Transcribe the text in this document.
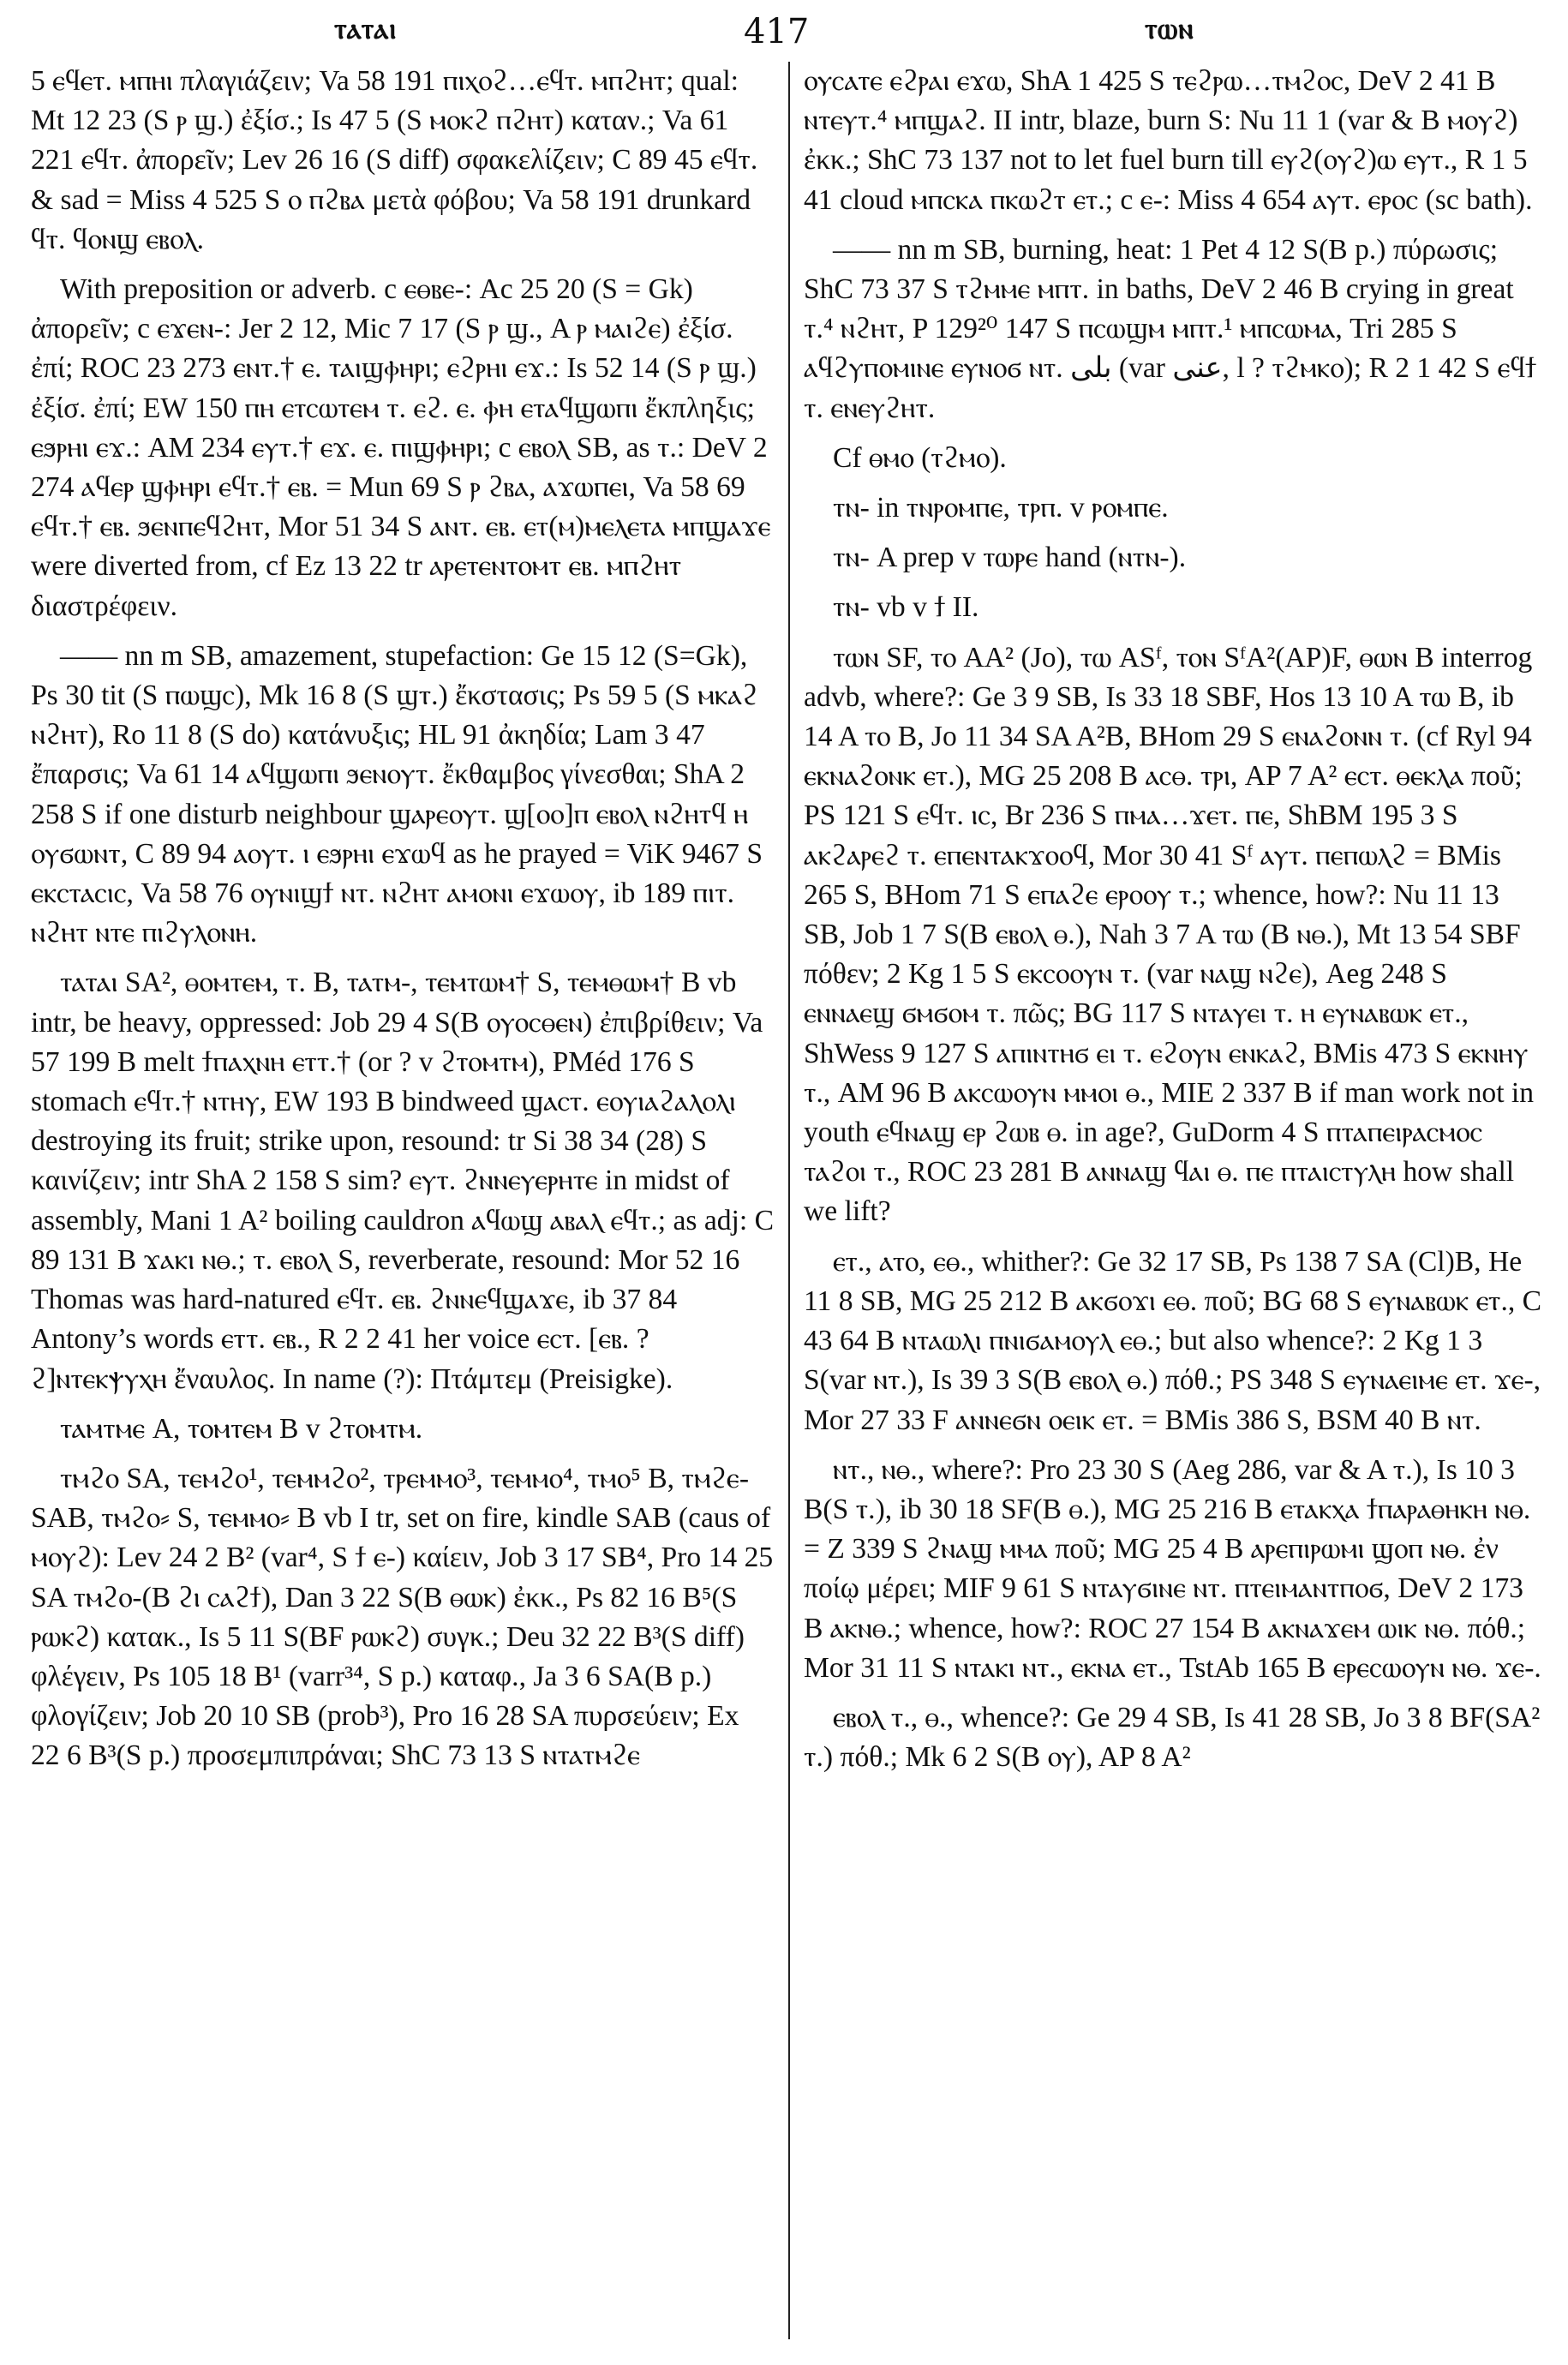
ⲧⲁⲧⲁⲓ	417	ⲧⲱⲛ

5 ⲉϥⲉⲧ. ⲙⲡⲏⲓ πλαγιάζειν; Va 58 191 ⲡⲓⲭⲟϩ…ⲉϥⲧ. ⲙⲡϩⲏⲧ; qual: Mt 12 23 (S ⲣ ϣ.) ἐξίσ.; Is 47 5 (S ⲙⲟⲕϩ ⲡϩⲏⲧ) καταν.; Va 61 221 ⲉϥⲧ. ἀπορεῖν; Lev 26 16 (S diff) σφακελίζειν; C 89 45 ⲉϥⲧ. & sad = Miss 4 525 S ⲟ ⲡϩⲃⲁ μετὰ φόβου; Va 58 191 drunkard ϥⲧ. ϥⲟⲛϣ ⲉⲃⲟⲗ.

With preposition or adverb. c ⲉⲑⲃⲉ-: Ac 25 20 (S = Gk) ἀπορεῖν; c ⲉϫⲉⲛ-: Jer 2 12, Mic 7 17 (S ⲣ ϣ., A ⲣ ⲙⲁⲓϩⲉ) ἐξίσ. ἐπί; ROC 23 273 ⲉⲛⲧ.† ⲉ. ⲧⲁⲓϣⲫⲏⲣⲓ; ⲉϩⲣⲏⲓ ⲉϫ.: Is 52 14 (S ⲣ ϣ.) ἐξίσ. ἐπί; EW 150 ⲡⲏ ⲉⲧⲥⲱⲧⲉⲙ ⲧ. ⲉϩ. ⲉ. ⲫⲏ ⲉⲧⲁϥϣⲱⲡⲓ ἔκπληξις; ⲉϧⲣⲏⲓ ⲉϫ.: AM 234 ⲉⲩⲧ.† ⲉϫ. ⲉ. ⲡⲓϣⲫⲏⲣⲓ; c ⲉⲃⲟⲗ SB, as ⲧ.: DeV 2 274 ⲁϥⲉⲣ ϣⲫⲏⲣⲓ ⲉϥⲧ.† ⲉⲃ. = Mun 69 S ⲣ ϩⲃⲁ, ⲁϫⲱⲡⲉⲓ, Va 58 69 ⲉϥⲧ.† ⲉⲃ. ϧⲉⲛⲡⲉϥϩⲏⲧ, Mor 51 34 S ⲁⲛⲧ. ⲉⲃ. ⲉⲧ(ⲙ)ⲙⲉⲗⲉⲧⲁ ⲙⲡϣⲁϫⲉ were diverted from, cf Ez 13 22 tr ⲁⲣⲉⲧⲉⲛⲧⲟⲙⲧ ⲉⲃ. ⲙⲡϩⲏⲧ διαστρέφειν.

—— nn m SB, amazement, stupefaction: Ge 15 12 (S=Gk), Ps 30 tit (S ⲡⲱϣⲥ), Mk 16 8 (S ϣⲧ.) ἔκστασις; Ps 59 5 (S ⲙⲕⲁϩ ⲛϩⲏⲧ), Ro 11 8 (S do) κατάνυξις; HL 91 ἀκηδία; Lam 3 47 ἔπαρσις; Va 61 14 ⲁϥϣⲱⲡⲓ ϧⲉⲛⲟⲩⲧ. ἔκθαμβος γίνεσθαι; ShA 2 258 S if one disturb neighbour ϣⲁⲣⲉⲟⲩⲧ. ϣ[ⲟⲟ]ⲡ ⲉⲃⲟⲗ ⲛϩⲏⲧϥ ⲏ ⲟⲩϭⲱⲛⲧ, C 89 94 ⲁⲟⲩⲧ. ⲓ ⲉϧⲣⲏⲓ ⲉϫⲱϥ as he prayed = ViK 9467 S ⲉⲕⲥⲧⲁⲥⲓⲥ, Va 58 76 ⲟⲩⲛⲓϣϯ ⲛⲧ. ⲛϩⲏⲧ ⲁⲙⲟⲛⲓ ⲉϫⲱⲟⲩ, ib 189 ⲡⲓⲧ. ⲛϩⲏⲧ ⲛⲧⲉ ⲡⲓϩⲩⲗⲟⲛⲏ.

ⲧⲁⲧⲁⲓ SA², ⲑⲟⲙⲧⲉⲙ, ⲧ. B, ⲧⲁⲧⲙ-, ⲧⲉⲙⲧⲱⲙ† S, ⲧⲉⲙⲑⲱⲙ† B vb intr, be heavy, oppressed: Job 29 4 S(B ⲟⲩⲟⲥⲑⲉⲛ) ἐπιβρίθειν; Va 57 199 B melt ϯⲡⲁⲭⲛⲏ ⲉⲧⲧ.† (or ? v ϩⲧⲟⲙⲧⲙ), PMéd 176 S stomach ⲉϥⲧ.† ⲛⲧⲏⲩ, EW 193 B bindweed ϣⲁⲥⲧ. ⲉⲟⲩⲓⲁϩⲁⲗⲟⲗⲓ destroying its fruit; strike upon, resound: tr Si 38 34 (28) S καινίζειν; intr ShA 2 158 S sim? ⲉⲩⲧ. ϩⲛⲛⲉⲩⲉⲣⲏⲧⲉ in midst of assembly, Mani 1 A² boiling cauldron ⲁϥⲱϣ ⲁⲃⲁⲗ ⲉϥⲧ.; as adj: C 89 131 B ϫⲁⲕⲓ ⲛⲑ.; ⲧ. ⲉⲃⲟⲗ S, reverberate, resound: Mor 52 16 Thomas was hard-natured ⲉϥⲧ. ⲉⲃ. ϩⲛⲛⲉϥϣⲁϫⲉ, ib 37 84 Antony’s words ⲉⲧⲧ. ⲉⲃ., R 2 2 41 her voice ⲉⲥⲧ. [ⲉⲃ. ? ϩ]ⲛⲧⲉⲕⲯⲩⲭⲏ ἔναυλος. In name (?): Πτάμτεμ (Preisigke).

ⲧⲁⲙⲧⲙⲉ A, ⲧⲟⲙⲧⲉⲙ B v ϩⲧⲟⲙⲧⲙ.

ⲧⲙϩⲟ SA, ⲧⲉⲙϩⲟ¹, ⲧⲉⲙⲙϩⲟ², ⲧⲣⲉⲙⲙⲟ³, ⲧⲉⲙⲙⲟ⁴, ⲧⲙⲟ⁵ B, ⲧⲙϩⲉ- SAB, ⲧⲙϩⲟ⸗ S, ⲧⲉⲙⲙⲟ⸗ B vb I tr, set on fire, kindle SAB (caus of ⲙⲟⲩϩ): Lev 24 2 B² (var⁴, S ϯ ⲉ-) καίειν, Job 3 17 SB⁴, Pro 14 25 SA ⲧⲙϩⲟ-(B ϩⲓ ⲥⲁϩϯ), Dan 3 22 S(B ⲑⲱⲕ) ἐκκ., Ps 82 16 B⁵(S ⲣⲱⲕϩ) κατακ., Is 5 11 S(BF ⲣⲱⲕϩ) συγκ.; Deu 32 22 B³(S diff) φλέγειν, Ps 105 18 B¹ (varr³⁴, S p.) καταφ., Ja 3 6 SA(B p.) φλογίζειν; Job 20 10 SB (prob³), Pro 16 28 SA πυρσεύειν; Ex 22 6 B³(S p.) προσεμπιπράναι; ShC 73 13 S ⲛⲧⲁⲧⲙϩⲉ

ⲟⲩⲥⲁⲧⲉ ⲉϩⲣⲁⲓ ⲉϫⲱ, ShA 1 425 S ⲧⲉϩⲣⲱ…ⲧⲙϩⲟⲥ, DeV 2 41 B ⲛⲧⲉⲩⲧ.⁴ ⲙⲡϣⲁϩ. II intr, blaze, burn S: Nu 11 1 (var & B ⲙⲟⲩϩ) ἐκκ.; ShC 73 137 not to let fuel burn till ⲉⲩϩ(ⲟⲩϩ)ⲱ ⲉⲩⲧ., R 1 5 41 cloud ⲙⲡⲥⲕⲁ ⲡⲕⲱϩⲧ ⲉⲧ.; c ⲉ-: Miss 4 654 ⲁⲩⲧ. ⲉⲣⲟⲥ (sc bath).

—— nn m SB, burning, heat: 1 Pet 4 12 S(B p.) πύρωσις; ShC 73 37 S ⲧϩⲙⲙⲉ ⲙⲡⲧ. in baths, DeV 2 46 B crying in great ⲧ.⁴ ⲛϩⲏⲧ, P 129²⁰ 147 S ⲡⲥⲱϣⲙ ⲙⲡⲧ.¹ ⲙⲡⲥⲱⲙⲁ, Tri 285 S ⲁϥϩⲩⲡⲟⲙⲓⲛⲉ ⲉⲩⲛⲟϭ ⲛⲧ. بلى (var عنى, l ? ⲧϩⲙⲕⲟ); R 2 1 42 S ⲉϥϯ ⲧ. ⲉⲛⲉⲩϩⲏⲧ.

Cf ⲑⲙⲟ (ⲧϩⲙⲟ).

ⲧⲛ- in ⲧⲛⲣⲟⲙⲡⲉ, ⲧⲣⲡ. v ⲣⲟⲙⲡⲉ.

ⲧⲛ- A prep v ⲧⲱⲣⲉ hand (ⲛⲧⲛ-).

ⲧⲛ- vb v ϯ II.

ⲧⲱⲛ SF, ⲧⲟ AA² (Jo), ⲧⲱ ASᶠ, ⲧⲟⲛ SᶠA²(AP)F, ⲑⲱⲛ B interrog advb, where?: Ge 3 9 SB, Is 33 18 SBF, Hos 13 10 A ⲧⲱ B, ib 14 A ⲧⲟ B, Jo 11 34 SA A²B, BHom 29 S ⲉⲛⲁϩⲟⲛⲛ ⲧ. (cf Ryl 94 ⲉⲕⲛⲁϩⲟⲛⲕ ⲉⲧ.), MG 25 208 B ⲁⲥⲑ. ⲧⲣⲓ, AP 7 A² ⲉⲥⲧ. ⲑⲉⲕⲗⲁ ποῦ; PS 121 S ⲉϥⲧ. ⲓⲥ, Br 236 S ⲡⲙⲁ…ϫⲉⲧ. ⲡⲉ, ShBM 195 3 S ⲁⲕϩⲁⲣⲉϩ ⲧ. ⲉⲡⲉⲛⲧⲁⲕϫⲟⲟϥ, Mor 30 41 Sᶠ ⲁⲩⲧ. ⲡⲉⲡⲱⲗϩ = BMis 265 S, BHom 71 S ⲉⲡⲁϩⲉ ⲉⲣⲟⲟⲩ ⲧ.; whence, how?: Nu 11 13 SB, Job 1 7 S(B ⲉⲃⲟⲗ ⲑ.), Nah 3 7 A ⲧⲱ (B ⲛⲑ.), Mt 13 54 SBF πόθεν; 2 Kg 1 5 S ⲉⲕⲥⲟⲟⲩⲛ ⲧ. (var ⲛⲁϣ ⲛϩⲉ), Aeg 248 S ⲉⲛⲛⲁⲉϣ ϭⲙϭⲟⲙ ⲧ. πῶς; BG 117 S ⲛⲧⲁⲩⲉⲓ ⲧ. ⲏ ⲉⲩⲛⲁⲃⲱⲕ ⲉⲧ., ShWess 9 127 S ⲁⲡⲓⲛⲧⲏϭ ⲉⲓ ⲧ. ⲉϩⲟⲩⲛ ⲉⲛⲕⲁϩ, BMis 473 S ⲉⲕⲛⲏⲩ ⲧ., AM 96 B ⲁⲕⲥⲱⲟⲩⲛ ⲙⲙⲟⲓ ⲑ., MIE 2 337 B if man work not in youth ⲉϥⲛⲁϣ ⲉⲣ ϩⲱⲃ ⲑ. in age?, GuDorm 4 S ⲡⲧⲁⲡⲉⲓⲣⲁⲥⲙⲟⲥ ⲧⲁϩⲟⲓ ⲧ., ROC 23 281 B ⲁⲛⲛⲁϣ ϥⲁⲓ ⲑ. ⲡⲉ ⲡⲧⲁⲓⲥⲧⲩⲗⲏ how shall we lift?

ⲉⲧ., ⲁⲧⲟ, ⲉⲑ., whither?: Ge 32 17 SB, Ps 138 7 SA (Cl)B, He 11 8 SB, MG 25 212 B ⲁⲕϭⲟϫⲓ ⲉⲑ. ποῦ; BG 68 S ⲉⲩⲛⲁⲃⲱⲕ ⲉⲧ., C 43 64 B ⲛⲧⲁⲱⲗⲓ ⲡⲛⲓϭⲁⲙⲟⲩⲗ ⲉⲑ.; but also whence?: 2 Kg 1 3 S(var ⲛⲧ.), Is 39 3 S(B ⲉⲃⲟⲗ ⲑ.) πόθ.; PS 348 S ⲉⲩⲛⲁⲉⲓⲙⲉ ⲉⲧ. ϫⲉ-, Mor 27 33 F ⲁⲛⲛⲉϭⲛ ⲟⲉⲓⲕ ⲉⲧ. = BMis 386 S, BSM 40 B ⲛⲧ.

ⲛⲧ., ⲛⲑ., where?: Pro 23 30 S (Aeg 286, var & A ⲧ.), Is 10 3 B(S ⲧ.), ib 30 18 SF(B ⲑ.), MG 25 216 B ⲉⲧⲁⲕⲭⲁ ϯⲡⲁⲣⲁⲑⲏⲕⲏ ⲛⲑ. = Z 339 S ϩⲛⲁϣ ⲙⲙⲁ ποῦ; MG 25 4 B ⲁⲣⲉⲡⲓⲣⲱⲙⲓ ϣⲟⲡ ⲛⲑ. ἐν ποίῳ μέρει; MIF 9 61 S ⲛⲧⲁⲩϭⲓⲛⲉ ⲛⲧ. ⲡⲧⲉⲓⲙⲁⲛⲧⲡⲟϭ, DeV 2 173 B ⲁⲕⲛⲑ.; whence, how?: ROC 27 154 B ⲁⲕⲛⲁϫⲉⲙ ⲱⲓⲕ ⲛⲑ. πόθ.; Mor 31 11 S ⲛⲧⲁⲕⲓ ⲛⲧ., ⲉⲕⲛⲁ ⲉⲧ., TstAb 165 B ⲉⲣⲉⲥⲱⲟⲩⲛ ⲛⲑ. ϫⲉ-.

ⲉⲃⲟⲗ ⲧ., ⲑ., whence?: Ge 29 4 SB, Is 41 28 SB, Jo 3 8 BF(SA² ⲧ.) πόθ.; Mk 6 2 S(B ⲟⲩ), AP 8 A²
